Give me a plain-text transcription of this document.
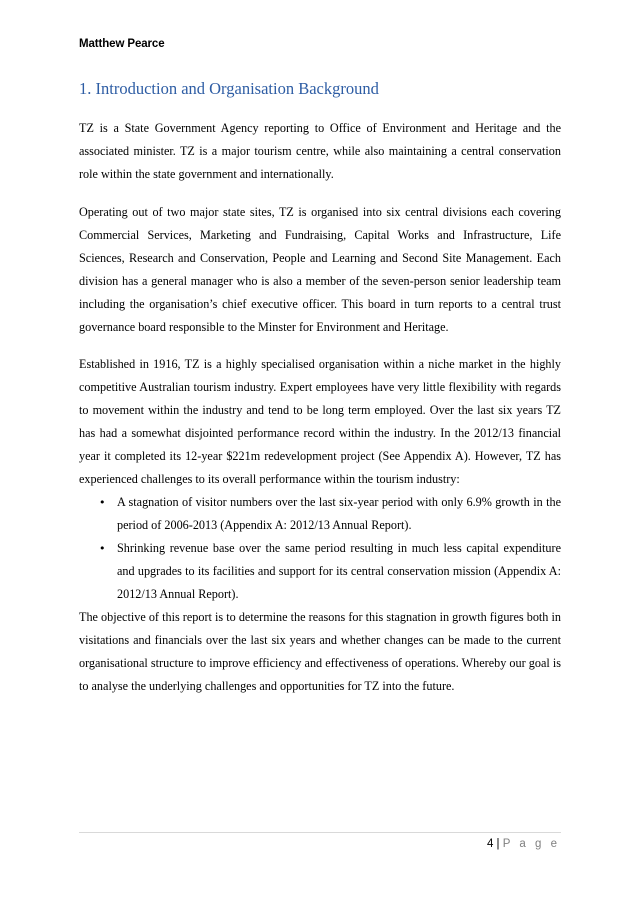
Matthew Pearce
1. Introduction and Organisation Background

TZ is a State Government Agency reporting to Office of Environment and Heritage and the associated minister. TZ is a major tourism centre, while also maintaining a central conservation role within the state government and internationally.

Operating out of two major state sites, TZ is organised into six central divisions each covering Commercial Services, Marketing and Fundraising, Capital Works and Infrastructure, Life Sciences, Research and Conservation, People and Learning and Second Site Management. Each division has a general manager who is also a member of the seven-person senior leadership team including the organisation’s chief executive officer. This board in turn reports to a central trust governance board responsible to the Minster for Environment and Heritage.

Established in 1916, TZ is a highly specialised organisation within a niche market in the highly competitive Australian tourism industry. Expert employees have very little flexibility with regards to movement within the industry and tend to be long term employed. Over the last six years TZ has had a somewhat disjointed performance record within the industry. In the 2012/13 financial year it completed its 12-year $221m redevelopment project (See Appendix A). However, TZ has experienced challenges to its overall performance within the tourism industry:

• A stagnation of visitor numbers over the last six-year period with only 6.9% growth in the period of 2006-2013 (Appendix A: 2012/13 Annual Report).
• Shrinking revenue base over the same period resulting in much less capital expenditure and upgrades to its facilities and support for its central conservation mission (Appendix A: 2012/13 Annual Report).

The objective of this report is to determine the reasons for this stagnation in growth figures both in visitations and financials over the last six years and whether changes can be made to the current organisational structure to improve efficiency and effectiveness of operations. Whereby our goal is to analyse the underlying challenges and opportunities for TZ into the future.

4 | P a g e
